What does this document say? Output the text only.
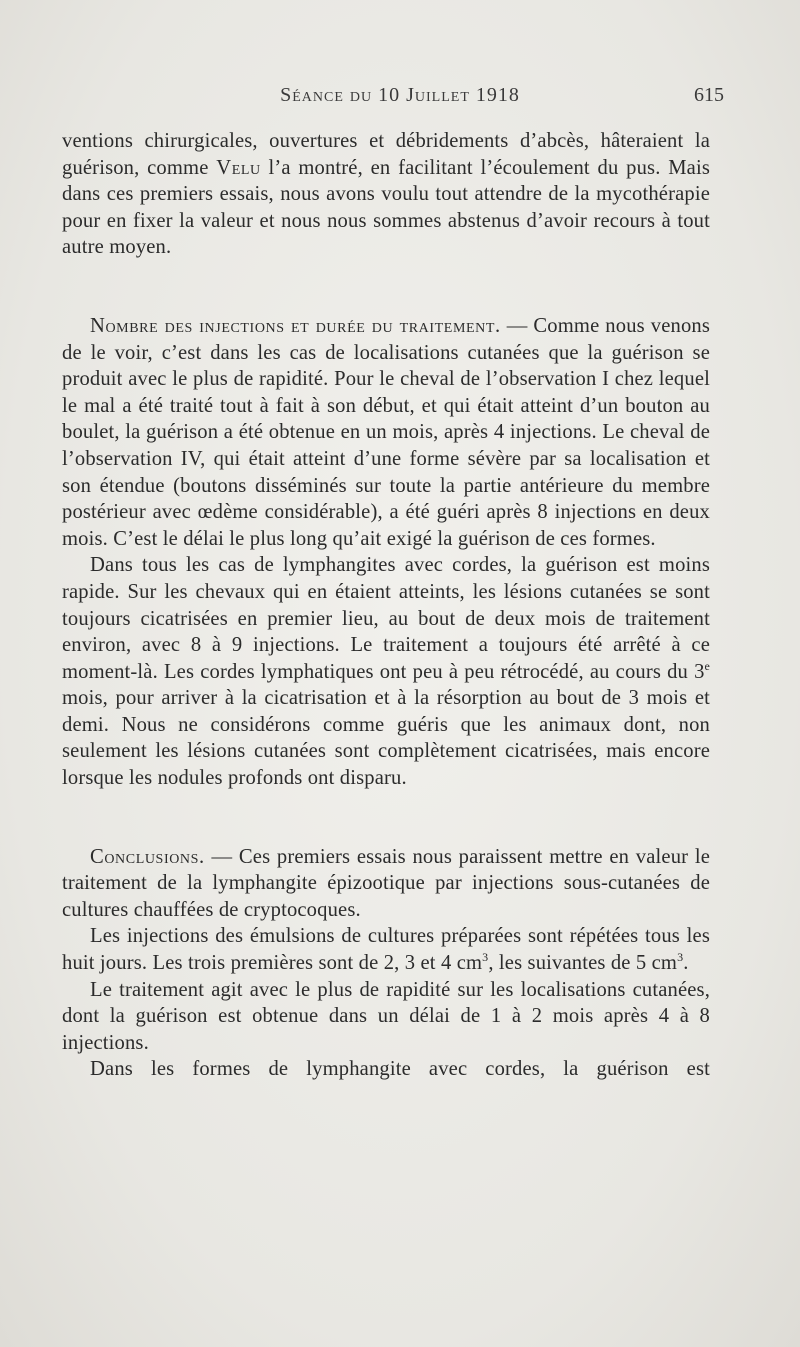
Séance du 10 Juillet 1918	615

ventions chirurgicales, ouvertures et débridements d’abcès, hâteraient la guérison, comme Velu l’a montré, en facilitant l’écoulement du pus. Mais dans ces premiers essais, nous avons voulu tout attendre de la mycothérapie pour en fixer la valeur et nous nous sommes abstenus d’avoir recours à tout autre moyen.

Nombre des injections et durée du traitement. — Comme nous venons de le voir, c’est dans les cas de localisations cutanées que la guérison se produit avec le plus de rapidité. Pour le cheval de l’observation I chez lequel le mal a été traité tout à fait à son début, et qui était atteint d’un bouton au boulet, la guérison a été obtenue en un mois, après 4 injections. Le cheval de l’observation IV, qui était atteint d’une forme sévère par sa localisation et son étendue (boutons disséminés sur toute la partie antérieure du membre postérieur avec œdème considérable), a été guéri après 8 injections en deux mois. C’est le délai le plus long qu’ait exigé la guérison de ces formes.

Dans tous les cas de lymphangites avec cordes, la guérison est moins rapide. Sur les chevaux qui en étaient atteints, les lésions cutanées se sont toujours cicatrisées en premier lieu, au bout de deux mois de traitement environ, avec 8 à 9 injections. Le traitement a toujours été arrêté à ce moment-là. Les cordes lymphatiques ont peu à peu rétrocédé, au cours du 3e mois, pour arriver à la cicatrisation et à la résorption au bout de 3 mois et demi. Nous ne considérons comme guéris que les animaux dont, non seulement les lésions cutanées sont complètement cicatrisées, mais encore lorsque les nodules profonds ont disparu.

Conclusions. — Ces premiers essais nous paraissent mettre en valeur le traitement de la lymphangite épizootique par injections sous-cutanées de cultures chauffées de cryptocoques.

Les injections des émulsions de cultures préparées sont répétées tous les huit jours. Les trois premières sont de 2, 3 et 4 $cm^3$, les suivantes de 5 $cm^3$.

Le traitement agit avec le plus de rapidité sur les localisations cutanées, dont la guérison est obtenue dans un délai de 1 à 2 mois après 4 à 8 injections.

Dans les formes de lymphangite avec cordes, la guérison est
